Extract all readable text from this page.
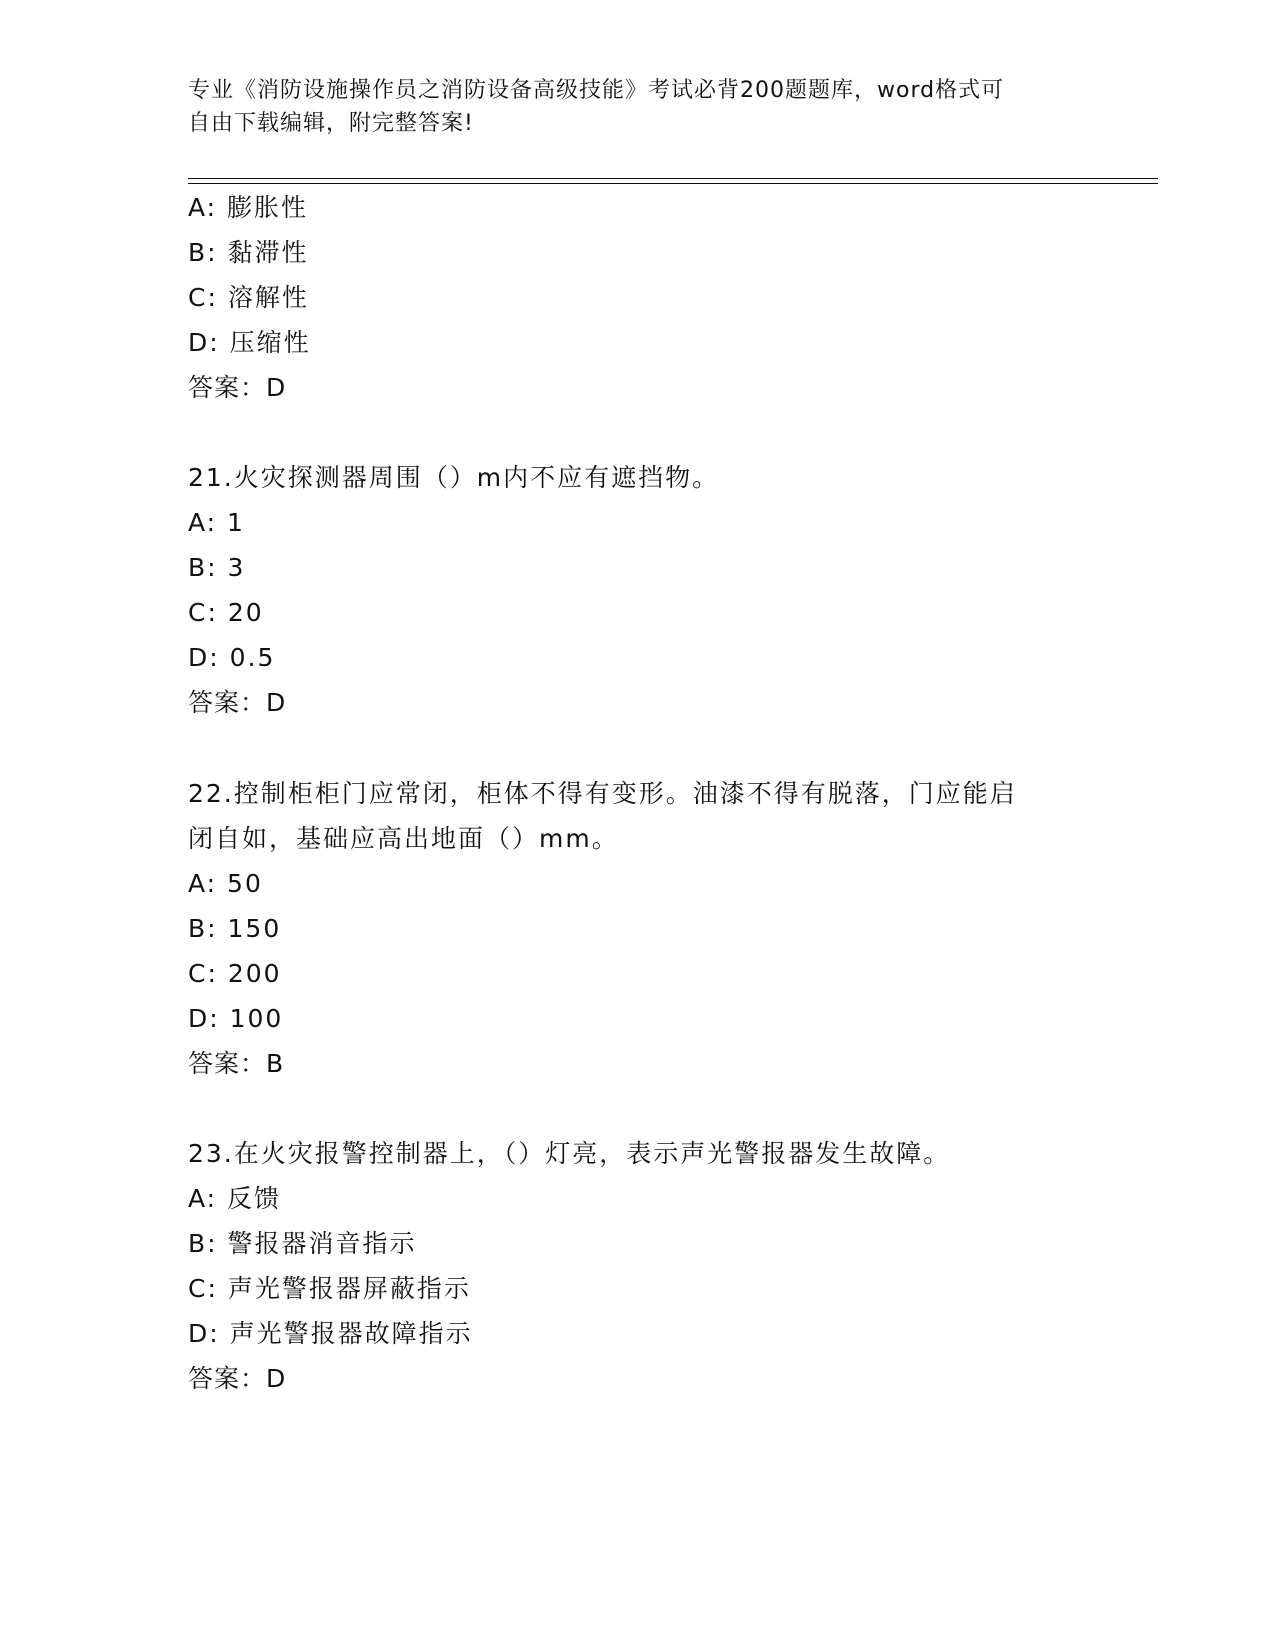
专业《消防设施操作员之消防设备高级技能》考试必背200题题库，word格式可
自由下载编辑，附完整答案!
A: 膨胀性
B: 黏滞性
C: 溶解性
D: 压缩性
答案：D
21.火灾探测器周围（）m内不应有遮挡物。
A: 1
B: 3
C: 20
D: 0.5
答案：D
22.控制柜柜门应常闭，柜体不得有变形。油漆不得有脱落，门应能启
闭自如，基础应高出地面（）mm。
A: 50
B: 150
C: 200
D: 100
答案：B
23.在火灾报警控制器上，（）灯亮，表示声光警报器发生故障。
A: 反馈
B: 警报器消音指示
C: 声光警报器屏蔽指示
D: 声光警报器故障指示
答案：D
